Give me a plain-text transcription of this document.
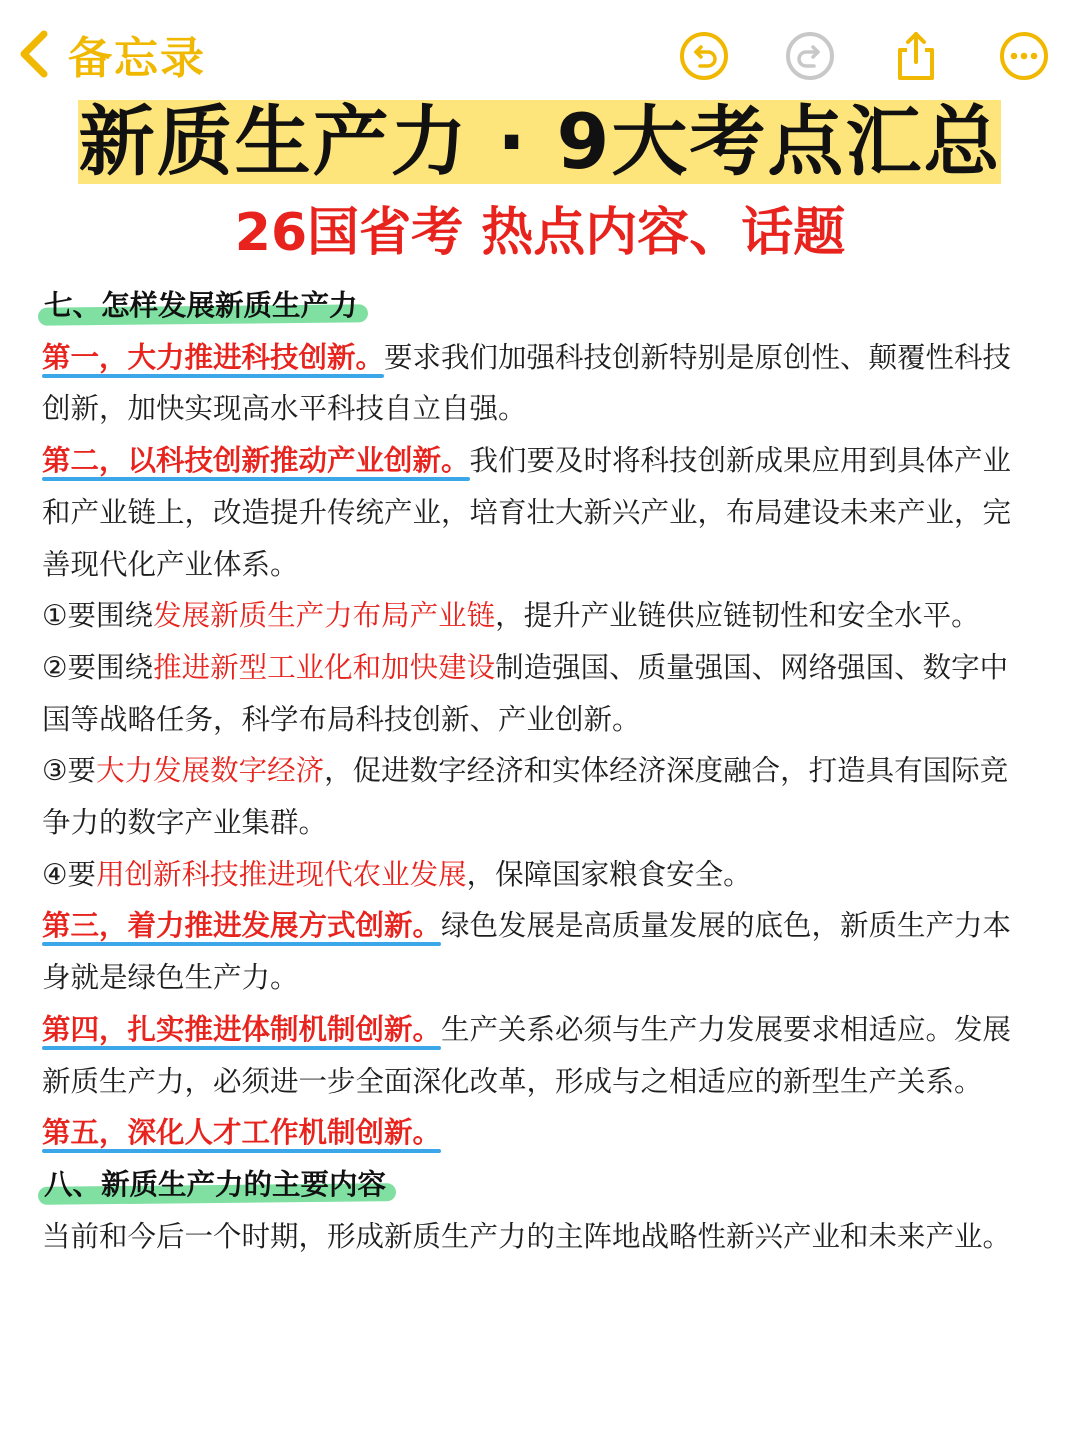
备忘录
新质生产力 · 9大考点汇总
26国省考 热点内容、话题

七、怎样发展新质生产力

第一，大力推进科技创新。要求我们加强科技创新特别是原创性、颠覆性科技创新，加快实现高水平科技自立自强。

第二，以科技创新推动产业创新。我们要及时将科技创新成果应用到具体产业和产业链上，改造提升传统产业，培育壮大新兴产业，布局建设未来产业，完善现代化产业体系。

①要围绕发展新质生产力布局产业链，提升产业链供应链韧性和安全水平。

②要围绕推进新型工业化和加快建设制造强国、质量强国、网络强国、数字中国等战略任务，科学布局科技创新、产业创新。

③要大力发展数字经济，促进数字经济和实体经济深度融合，打造具有国际竞争力的数字产业集群。

④要用创新科技推进现代农业发展，保障国家粮食安全。

第三，着力推进发展方式创新。绿色发展是高质量发展的底色，新质生产力本身就是绿色生产力。

第四，扎实推进体制机制创新。生产关系必须与生产力发展要求相适应。发展新质生产力，必须进一步全面深化改革，形成与之相适应的新型生产关系。

第五，深化人才工作机制创新。

八、新质生产力的主要内容

当前和今后一个时期，形成新质生产力的主阵地战略性新兴产业和未来产业。
